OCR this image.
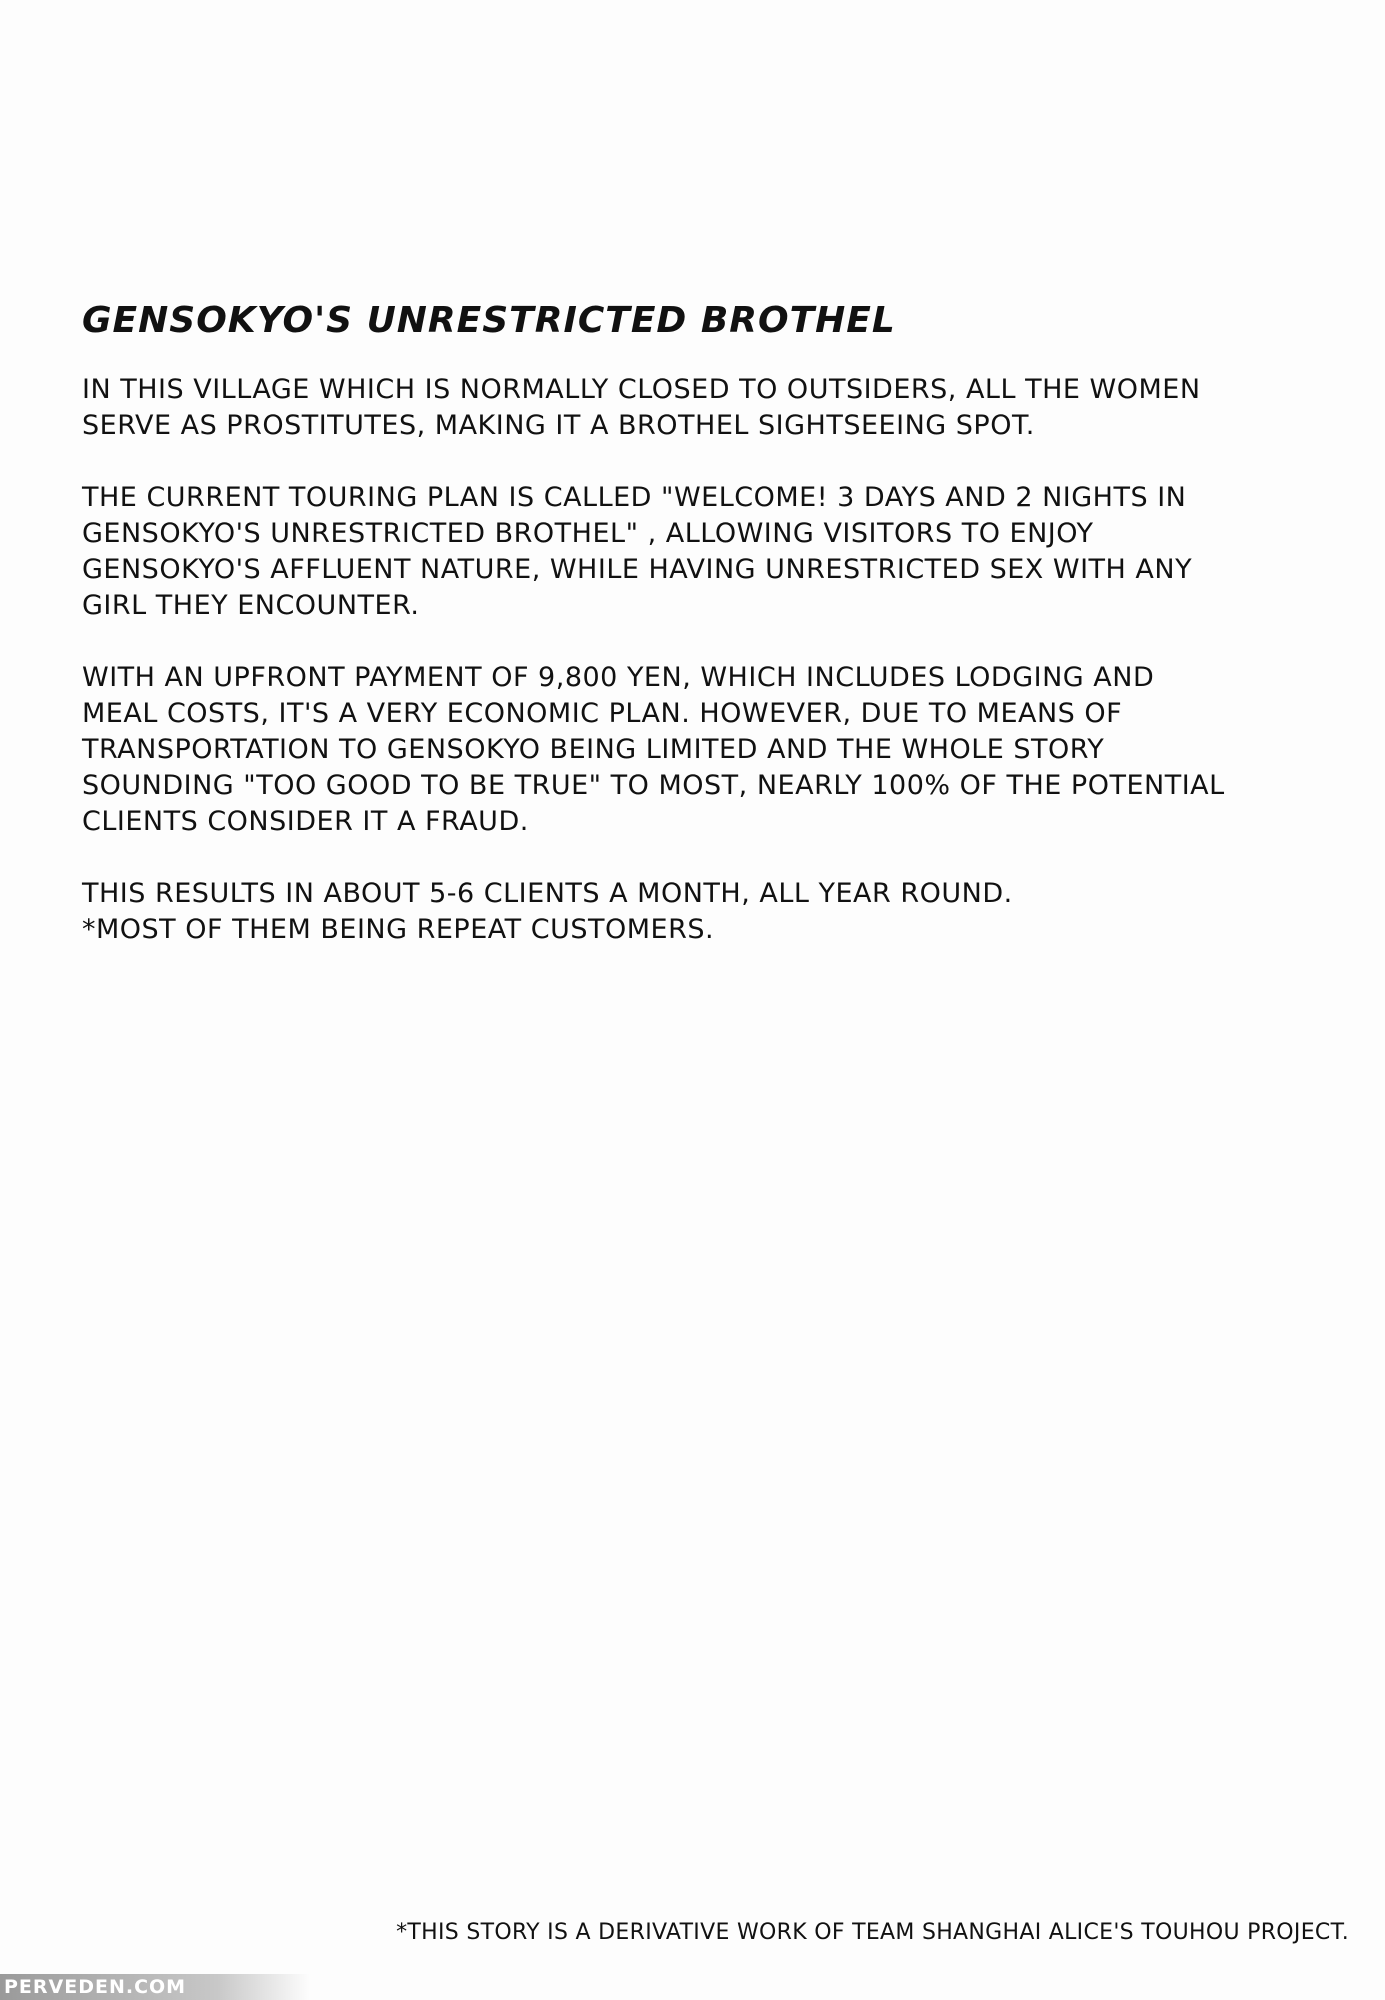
GENSOKYO'S UNRESTRICTED BROTHEL

IN THIS VILLAGE WHICH IS NORMALLY CLOSED TO OUTSIDERS, ALL THE WOMEN
SERVE AS PROSTITUTES, MAKING IT A BROTHEL SIGHTSEEING SPOT.

THE CURRENT TOURING PLAN IS CALLED "WELCOME! 3 DAYS AND 2 NIGHTS IN
GENSOKYO'S UNRESTRICTED BROTHEL" , ALLOWING VISITORS TO ENJOY
GENSOKYO'S AFFLUENT NATURE, WHILE HAVING UNRESTRICTED SEX WITH ANY
GIRL THEY ENCOUNTER.

WITH AN UPFRONT PAYMENT OF 9,800 YEN, WHICH INCLUDES LODGING AND
MEAL COSTS, IT'S A VERY ECONOMIC PLAN. HOWEVER, DUE TO MEANS OF
TRANSPORTATION TO GENSOKYO BEING LIMITED AND THE WHOLE STORY
SOUNDING "TOO GOOD TO BE TRUE" TO MOST, NEARLY 100% OF THE POTENTIAL
CLIENTS CONSIDER IT A FRAUD.

THIS RESULTS IN ABOUT 5-6 CLIENTS A MONTH, ALL YEAR ROUND.

*MOST OF THEM BEING REPEAT CUSTOMERS.

*THIS STORY IS A DERIVATIVE WORK OF TEAM SHANGHAI ALICE'S TOUHOU PROJECT.
PERVEDEN.COM
